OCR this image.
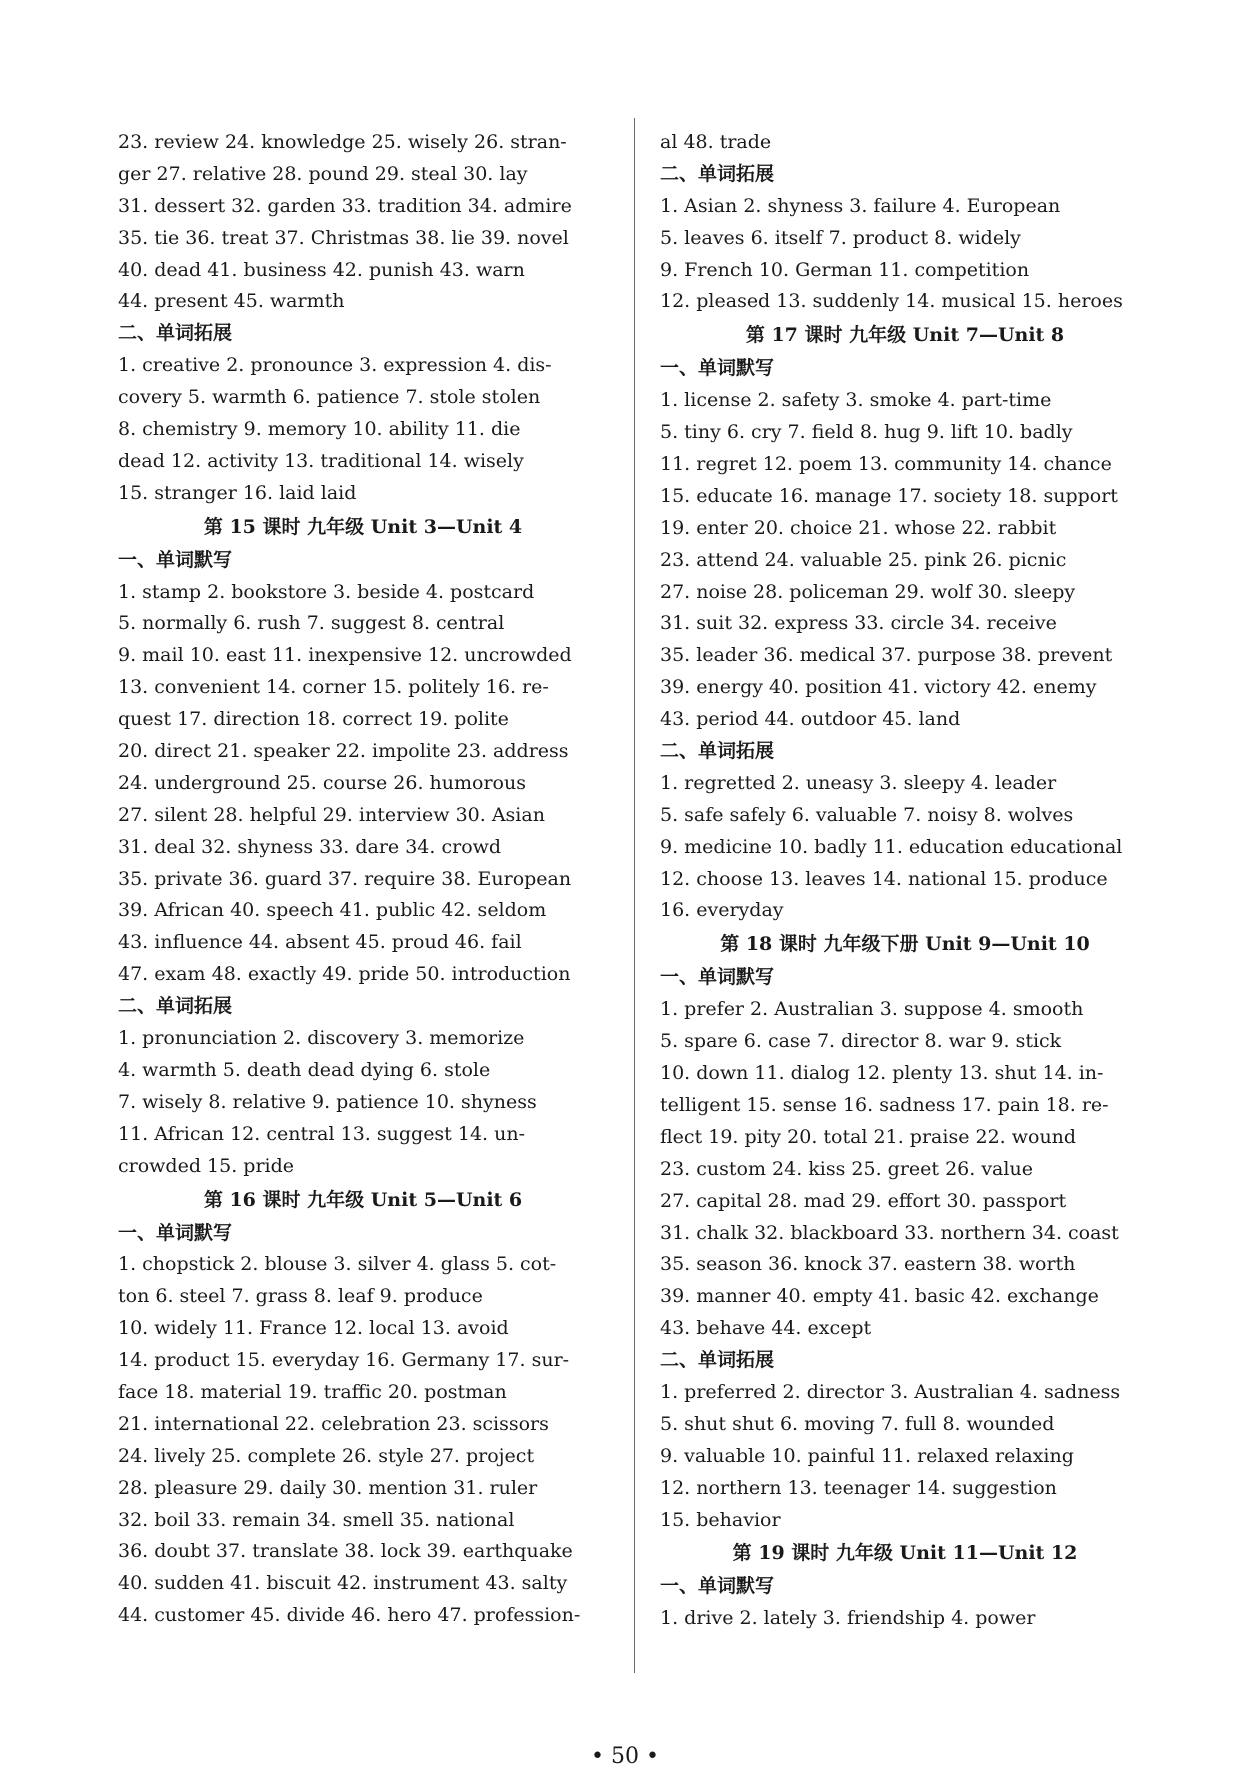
23. review 24. knowledge 25. wisely 26. stran-
ger 27. relative 28. pound 29. steal 30. lay
31. dessert 32. garden 33. tradition 34. admire
35. tie 36. treat 37. Christmas 38. lie 39. novel
40. dead 41. business 42. punish 43. warn
44. present 45. warmth
二、单词拓展
1. creative 2. pronounce 3. expression 4. dis-
covery 5. warmth 6. patience 7. stole stolen
8. chemistry 9. memory 10. ability 11. die
dead 12. activity 13. traditional 14. wisely
15. stranger 16. laid laid
第 15 课时 九年级 Unit 3—Unit 4
一、单词默写
1. stamp 2. bookstore 3. beside 4. postcard
5. normally 6. rush 7. suggest 8. central
9. mail 10. east 11. inexpensive 12. uncrowded
13. convenient 14. corner 15. politely 16. re-
quest 17. direction 18. correct 19. polite
20. direct 21. speaker 22. impolite 23. address
24. underground 25. course 26. humorous
27. silent 28. helpful 29. interview 30. Asian
31. deal 32. shyness 33. dare 34. crowd
35. private 36. guard 37. require 38. European
39. African 40. speech 41. public 42. seldom
43. influence 44. absent 45. proud 46. fail
47. exam 48. exactly 49. pride 50. introduction
二、单词拓展
1. pronunciation 2. discovery 3. memorize
4. warmth 5. death dead dying 6. stole
7. wisely 8. relative 9. patience 10. shyness
11. African 12. central 13. suggest 14. un-
crowded 15. pride
第 16 课时 九年级 Unit 5—Unit 6
一、单词默写
1. chopstick 2. blouse 3. silver 4. glass 5. cot-
ton 6. steel 7. grass 8. leaf 9. produce
10. widely 11. France 12. local 13. avoid
14. product 15. everyday 16. Germany 17. sur-
face 18. material 19. traffic 20. postman
21. international 22. celebration 23. scissors
24. lively 25. complete 26. style 27. project
28. pleasure 29. daily 30. mention 31. ruler
32. boil 33. remain 34. smell 35. national
36. doubt 37. translate 38. lock 39. earthquake
40. sudden 41. biscuit 42. instrument 43. salty
44. customer 45. divide 46. hero 47. profession-
al 48. trade
二、单词拓展
1. Asian 2. shyness 3. failure 4. European
5. leaves 6. itself 7. product 8. widely
9. French 10. German 11. competition
12. pleased 13. suddenly 14. musical 15. heroes
第 17 课时 九年级 Unit 7—Unit 8
一、单词默写
1. license 2. safety 3. smoke 4. part-time
5. tiny 6. cry 7. field 8. hug 9. lift 10. badly
11. regret 12. poem 13. community 14. chance
15. educate 16. manage 17. society 18. support
19. enter 20. choice 21. whose 22. rabbit
23. attend 24. valuable 25. pink 26. picnic
27. noise 28. policeman 29. wolf 30. sleepy
31. suit 32. express 33. circle 34. receive
35. leader 36. medical 37. purpose 38. prevent
39. energy 40. position 41. victory 42. enemy
43. period 44. outdoor 45. land
二、单词拓展
1. regretted 2. uneasy 3. sleepy 4. leader
5. safe safely 6. valuable 7. noisy 8. wolves
9. medicine 10. badly 11. education educational
12. choose 13. leaves 14. national 15. produce
16. everyday
第 18 课时 九年级下册 Unit 9—Unit 10
一、单词默写
1. prefer 2. Australian 3. suppose 4. smooth
5. spare 6. case 7. director 8. war 9. stick
10. down 11. dialog 12. plenty 13. shut 14. in-
telligent 15. sense 16. sadness 17. pain 18. re-
flect 19. pity 20. total 21. praise 22. wound
23. custom 24. kiss 25. greet 26. value
27. capital 28. mad 29. effort 30. passport
31. chalk 32. blackboard 33. northern 34. coast
35. season 36. knock 37. eastern 38. worth
39. manner 40. empty 41. basic 42. exchange
43. behave 44. except
二、单词拓展
1. preferred 2. director 3. Australian 4. sadness
5. shut shut 6. moving 7. full 8. wounded
9. valuable 10. painful 11. relaxed relaxing
12. northern 13. teenager 14. suggestion
15. behavior
第 19 课时 九年级 Unit 11—Unit 12
一、单词默写
1. drive 2. lately 3. friendship 4. power
• 50 •
